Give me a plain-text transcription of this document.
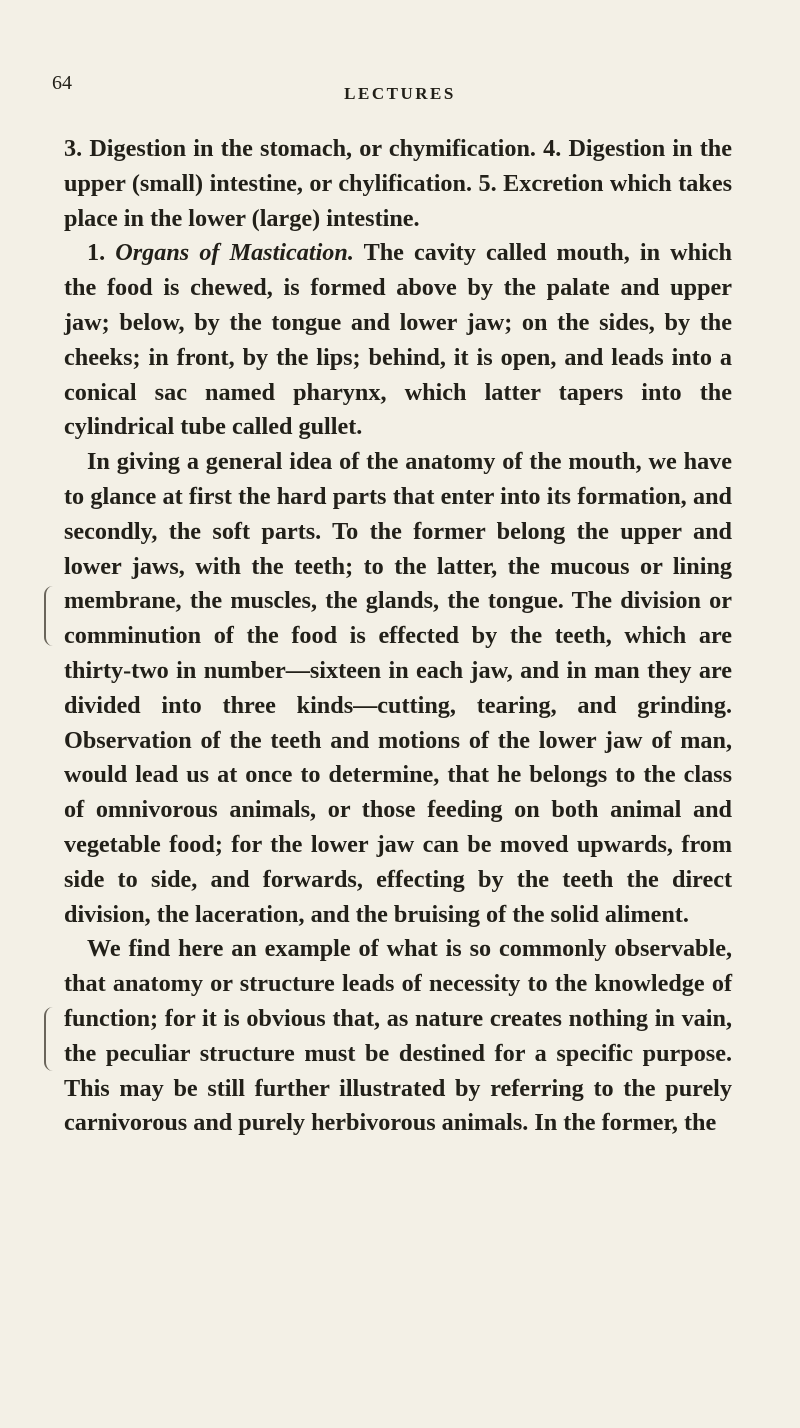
64	LECTURES

3. Digestion in the stomach, or chymification. 4. Digestion in the upper (small) intestine, or chylification. 5. Excretion which takes place in the lower (large) intestine.

1. Organs of Mastication. The cavity called mouth, in which the food is chewed, is formed above by the palate and upper jaw; below, by the tongue and lower jaw; on the sides, by the cheeks; in front, by the lips; behind, it is open, and leads into a conical sac named pharynx, which latter tapers into the cylindrical tube called gullet.

In giving a general idea of the anatomy of the mouth, we have to glance at first the hard parts that enter into its formation, and secondly, the soft parts. To the former belong the upper and lower jaws, with the teeth; to the latter, the mucous or lining membrane, the muscles, the glands, the tongue. The division or comminution of the food is effected by the teeth, which are thirty-two in number—sixteen in each jaw, and in man they are divided into three kinds—cutting, tearing, and grinding. Observation of the teeth and motions of the lower jaw of man, would lead us at once to determine, that he belongs to the class of omnivorous animals, or those feeding on both animal and vegetable food; for the lower jaw can be moved upwards, from side to side, and forwards, effecting by the teeth the direct division, the laceration, and the bruising of the solid aliment.

We find here an example of what is so commonly observable, that anatomy or structure leads of necessity to the knowledge of function; for it is obvious that, as nature creates nothing in vain, the peculiar structure must be destined for a specific purpose. This may be still further illustrated by referring to the purely carnivorous and purely herbivorous animals. In the former, the
